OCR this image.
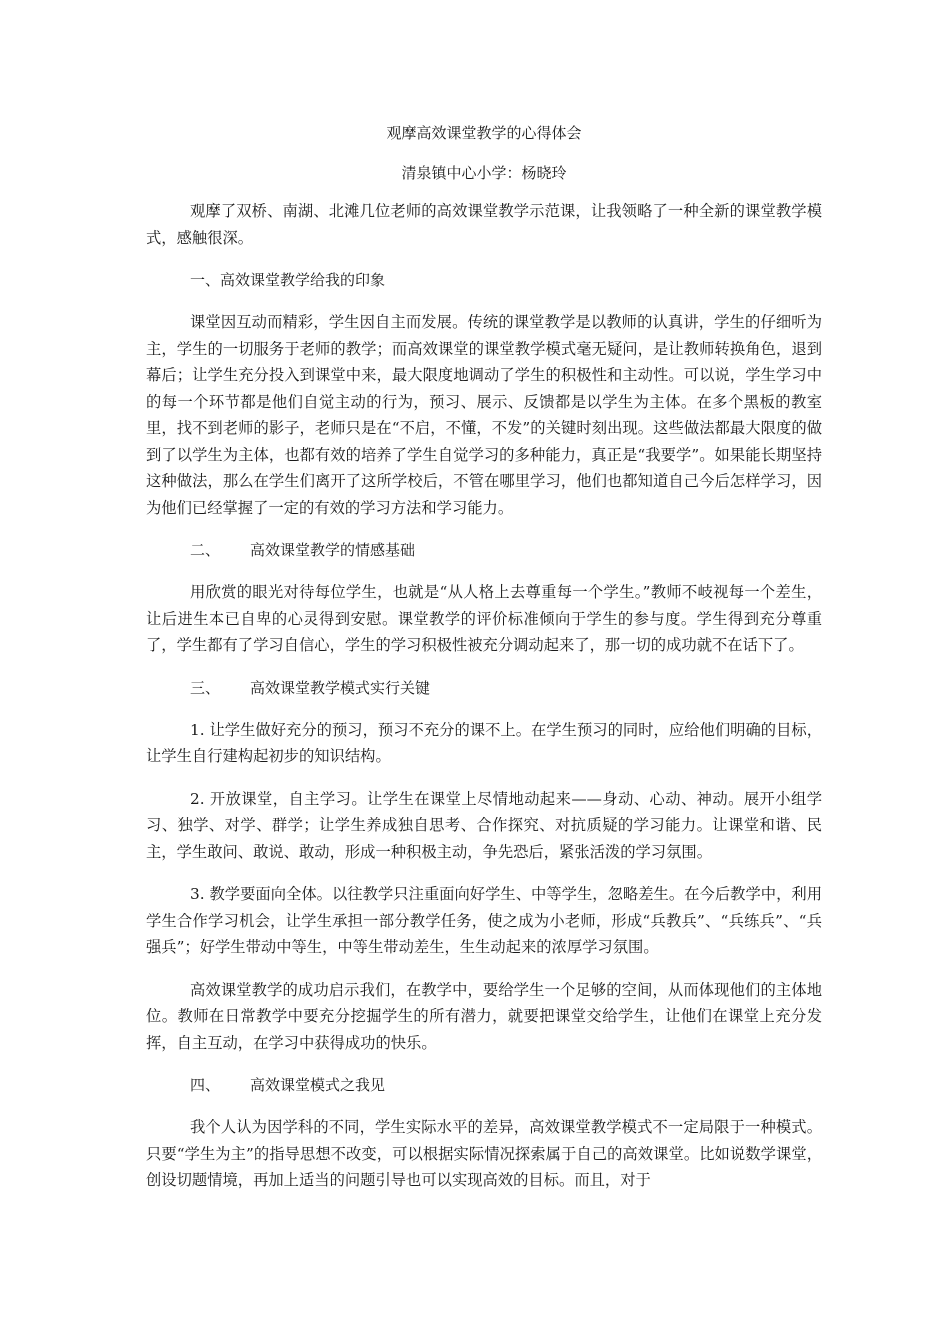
观摩高效课堂教学的心得体会
清泉镇中心小学：杨晓玲

观摩了双桥、南湖、北滩几位老师的高效课堂教学示范课，让我领略了一种全新的课堂教学模式，感触很深。

一、高效课堂教学给我的印象

课堂因互动而精彩，学生因自主而发展。传统的课堂教学是以教师的认真讲，学生的仔细听为主，学生的一切服务于老师的教学；而高效课堂的课堂教学模式毫无疑问，是让教师转换角色，退到幕后；让学生充分投入到课堂中来，最大限度地调动了学生的积极性和主动性。可以说，学生学习中的每一个环节都是他们自觉主动的行为，预习、展示、反馈都是以学生为主体。在多个黑板的教室里，找不到老师的影子，老师只是在“不启，不懂，不发”的关键时刻出现。这些做法都最大限度的做到了以学生为主体，也都有效的培养了学生自觉学习的多种能力，真正是“我要学”。如果能长期坚持这种做法，那么在学生们离开了这所学校后，不管在哪里学习，他们也都知道自己今后怎样学习，因为他们已经掌握了一定的有效的学习方法和学习能力。

二、 高效课堂教学的情感基础

用欣赏的眼光对待每位学生，也就是“从人格上去尊重每一个学生。”教师不岐视每一个差生，让后进生本已自卑的心灵得到安慰。课堂教学的评价标准倾向于学生的参与度。学生得到充分尊重了，学生都有了学习自信心，学生的学习积极性被充分调动起来了，那一切的成功就不在话下了。

三、 高效课堂教学模式实行关键

1. 让学生做好充分的预习，预习不充分的课不上。在学生预习的同时，应给他们明确的目标，让学生自行建构起初步的知识结构。

2. 开放课堂，自主学习。让学生在课堂上尽情地动起来——身动、心动、神动。展开小组学习、独学、对学、群学；让学生养成独自思考、合作探究、对抗质疑的学习能力。让课堂和谐、民主，学生敢问、敢说、敢动，形成一种积极主动，争先恐后，紧张活泼的学习氛围。

3. 教学要面向全体。以往教学只注重面向好学生、中等学生，忽略差生。在今后教学中，利用学生合作学习机会，让学生承担一部分教学任务，使之成为小老师，形成“兵教兵”、“兵练兵”、“兵强兵”；好学生带动中等生，中等生带动差生，生生动起来的浓厚学习氛围。

高效课堂教学的成功启示我们，在教学中，要给学生一个足够的空间，从而体现他们的主体地位。教师在日常教学中要充分挖掘学生的所有潜力，就要把课堂交给学生，让他们在课堂上充分发挥，自主互动，在学习中获得成功的快乐。

四、 高效课堂模式之我见

我个人认为因学科的不同，学生实际水平的差异，高效课堂教学模式不一定局限于一种模式。只要“学生为主”的指导思想不改变，可以根据实际情况探索属于自己的高效课堂。比如说数学课堂，创设切题情境，再加上适当的问题引导也可以实现高效的目标。而且，对于
